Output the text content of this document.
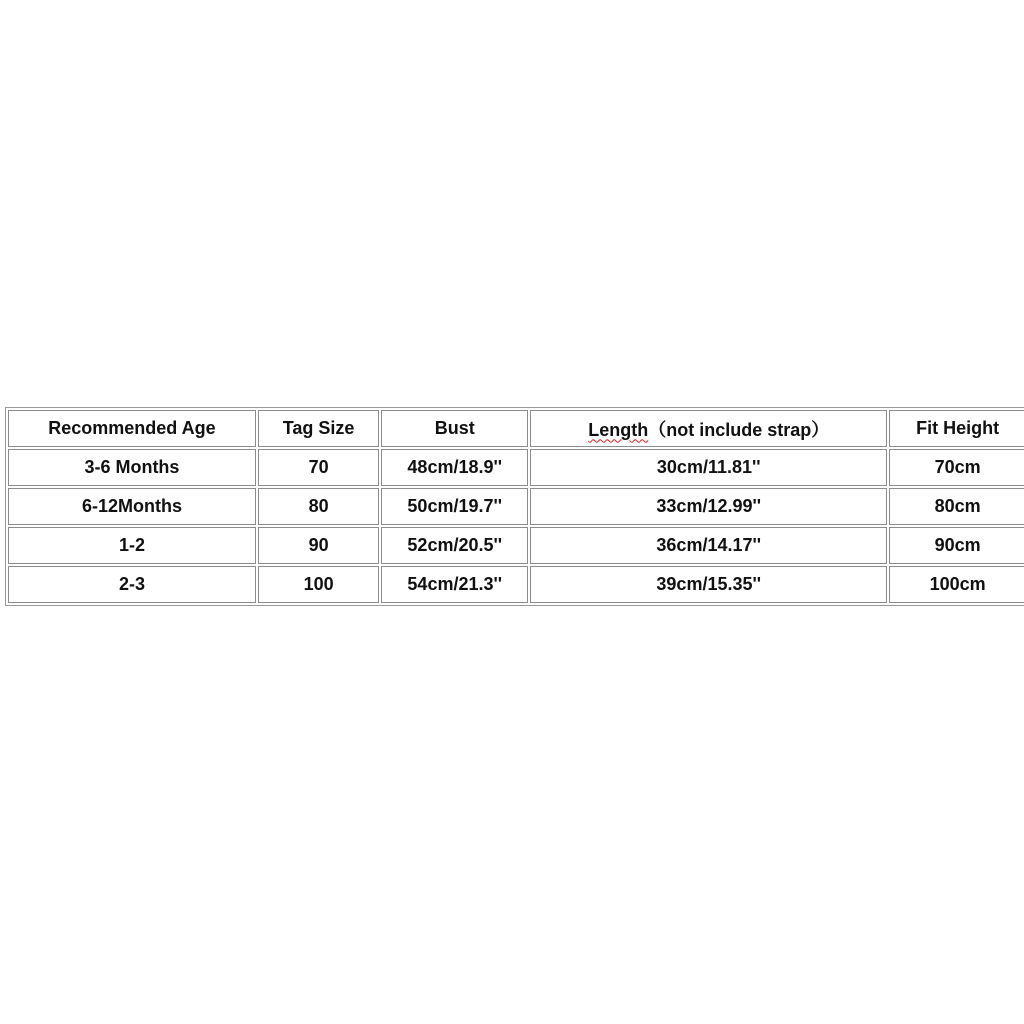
Recommended Age	Tag Size	Bust	Length（not include strap）	Fit Height
3-6 Months	70	48cm/18.9''	30cm/11.81''	70cm
6-12Months	80	50cm/19.7''	33cm/12.99''	80cm
1-2	90	52cm/20.5''	36cm/14.17''	90cm
2-3	100	54cm/21.3''	39cm/15.35''	100cm
